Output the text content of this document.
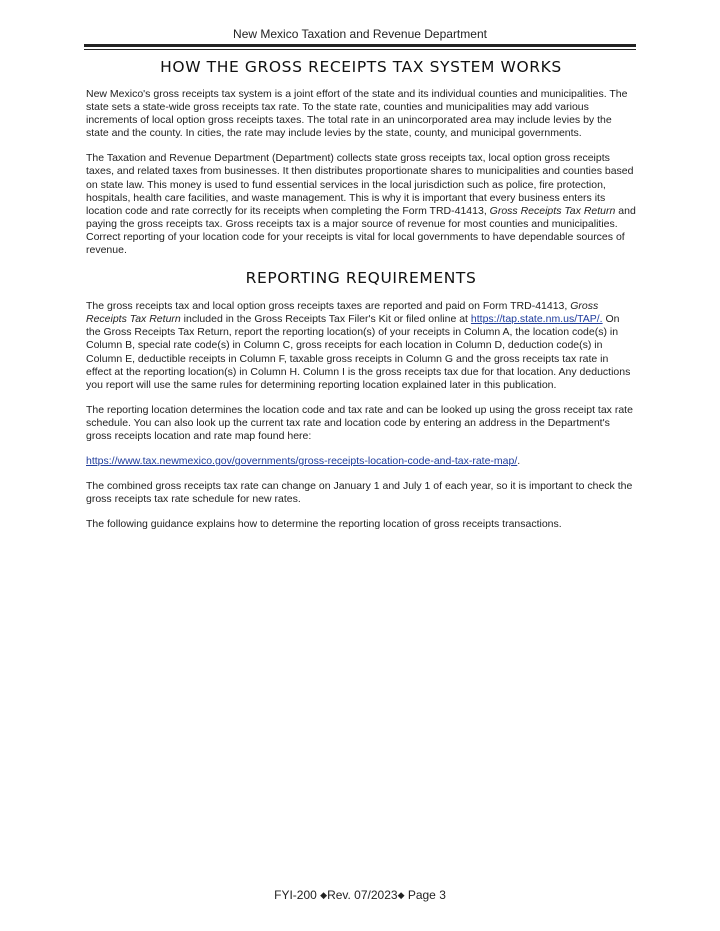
New Mexico Taxation and Revenue Department
HOW THE GROSS RECEIPTS TAX SYSTEM WORKS

New Mexico's gross receipts tax system is a joint effort of the state and its individual counties and municipalities. The state sets a state-wide gross receipts tax rate. To the state rate, counties and municipalities may add various increments of local option gross receipts taxes. The total rate in an unincorporated area may include levies by the state and the county. In cities, the rate may include levies by the state, county, and municipal governments.

The Taxation and Revenue Department (Department) collects state gross receipts tax, local option gross receipts taxes, and related taxes from businesses. It then distributes proportionate shares to municipalities and counties based on state law. This money is used to fund essential services in the local jurisdiction such as police, fire protection, hospitals, health care facilities, and waste management. This is why it is important that every business enters its location code and rate correctly for its receipts when completing the Form TRD-41413, Gross Receipts Tax Return and paying the gross receipts tax. Gross receipts tax is a major source of revenue for most counties and municipalities. Correct reporting of your location code for your receipts is vital for local governments to have dependable sources of revenue.

REPORTING REQUIREMENTS

The gross receipts tax and local option gross receipts taxes are reported and paid on Form TRD-41413, Gross Receipts Tax Return included in the Gross Receipts Tax Filer's Kit or filed online at https://tap.state.nm.us/TAP/. On the Gross Receipts Tax Return, report the reporting location(s) of your receipts in Column A, the location code(s) in Column B, special rate code(s) in Column C, gross receipts for each location in Column D, deduction code(s) in Column E, deductible receipts in Column F, taxable gross receipts in Column G and the gross receipts tax rate in effect at the reporting location(s) in Column H. Column I is the gross receipts tax due for that location. Any deductions you report will use the same rules for determining reporting location explained later in this publication.

The reporting location determines the location code and tax rate and can be looked up using the gross receipt tax rate schedule. You can also look up the current tax rate and location code by entering an address in the Department's gross receipts location and rate map found here:

https://www.tax.newmexico.gov/governments/gross-receipts-location-code-and-tax-rate-map/.

The combined gross receipts tax rate can change on January 1 and July 1 of each year, so it is important to check the gross receipts tax rate schedule for new rates.

The following guidance explains how to determine the reporting location of gross receipts transactions.

FYI-200 ◆Rev. 07/2023◆ Page 3
